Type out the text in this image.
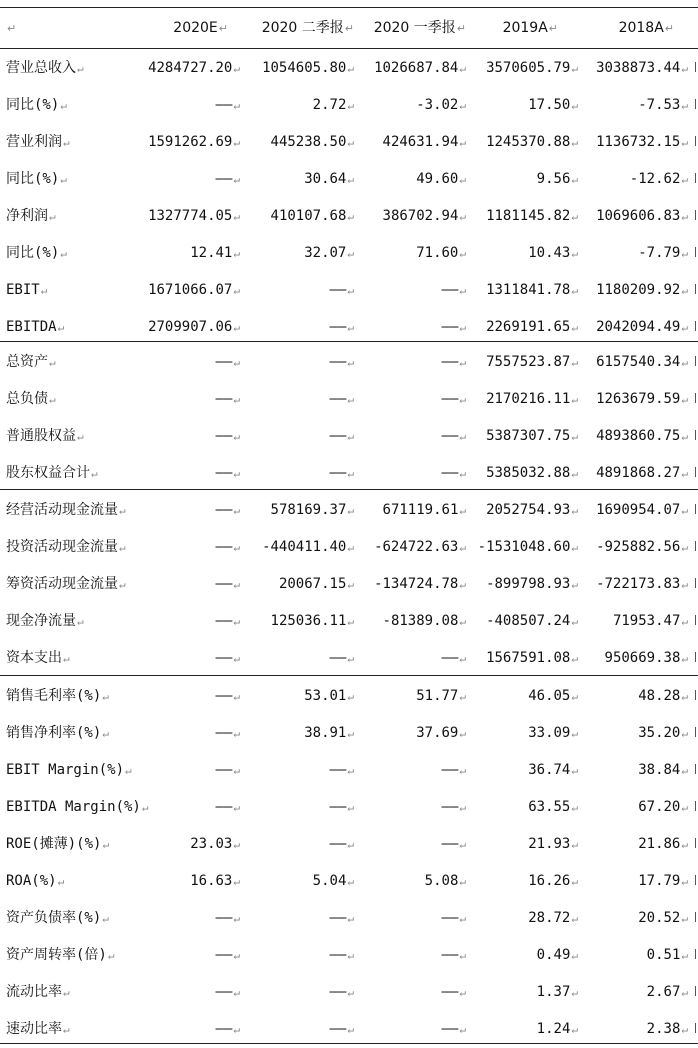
↵	2020E↵ 2020 二季报↵ 2020 一季报↵	2019A↵	2018A↵
营业总收入↵	4284727.20↵ 1054605.80↵ 1026687.84↵ 3570605.79↵ 3038873.44↵
同比(%)↵	——↵	2.72↵	-3.02↵	17.50↵	-7.53↵
营业利润↵	1591262.69↵ 445238.50↵ 424631.94↵ 1245370.88↵ 1136732.15↵
同比(%)↵	——↵	30.64↵	49.60↵	9.56↵	-12.62↵
净利润↵	1327774.05↵ 410107.68↵ 386702.94↵ 1181145.82↵ 1069606.83↵
同比(%)↵	12.41↵	32.07↵	71.60↵	10.43↵	-7.79↵
EBIT↵	1671066.07↵	——↵	——↵ 1311841.78↵ 1180209.92↵
EBITDA↵	2709907.06↵	——↵	——↵ 2269191.65↵ 2042094.49↵
总资产↵	——↵	——↵	——↵ 7557523.87↵ 6157540.34↵
总负债↵	——↵	——↵	——↵ 2170216.11↵ 1263679.59↵
普通股权益↵	——↵	——↵	——↵ 5387307.75↵ 4893860.75↵
股东权益合计↵	——↵	——↵	——↵ 5385032.88↵ 4891868.27↵
经营活动现金流量↵	——↵ 578169.37↵ 671119.61↵ 2052754.93↵ 1690954.07↵
投资活动现金流量↵	——↵ -440411.40↵ -624722.63↵ -1531048.60↵ -925882.56↵
筹资活动现金流量↵	——↵	20067.15↵ -134724.78↵ -899798.93↵ -722173.83↵
现金净流量↵	——↵ 125036.11↵ -81389.08↵ -408507.24↵ 71953.47↵
资本支出↵	——↵	——↵	——↵ 1567591.08↵ 950669.38↵
销售毛利率(%)↵	——↵	53.01↵	51.77↵	46.05↵	48.28↵
销售净利率(%)↵	——↵	38.91↵	37.69↵	33.09↵	35.20↵
EBIT Margin(%)↵	——↵	——↵	——↵	36.74↵	38.84↵
EBITDA Margin(%)↵	——↵	——↵	——↵	63.55↵	67.20↵
ROE(摊薄)(%)↵	23.03↵	——↵	——↵	21.93↵	21.86↵
ROA(%)↵	16.63↵	5.04↵	5.08↵	16.26↵	17.79↵
资产负债率(%)↵	——↵	——↵	——↵	28.72↵	20.52↵
资产周转率(倍)↵	——↵	——↵	——↵	0.49↵	0.51↵
流动比率↵	——↵	——↵	——↵	1.37↵	2.67↵
速动比率↵	——↵	——↵	——↵	1.24↵	2.38↵
